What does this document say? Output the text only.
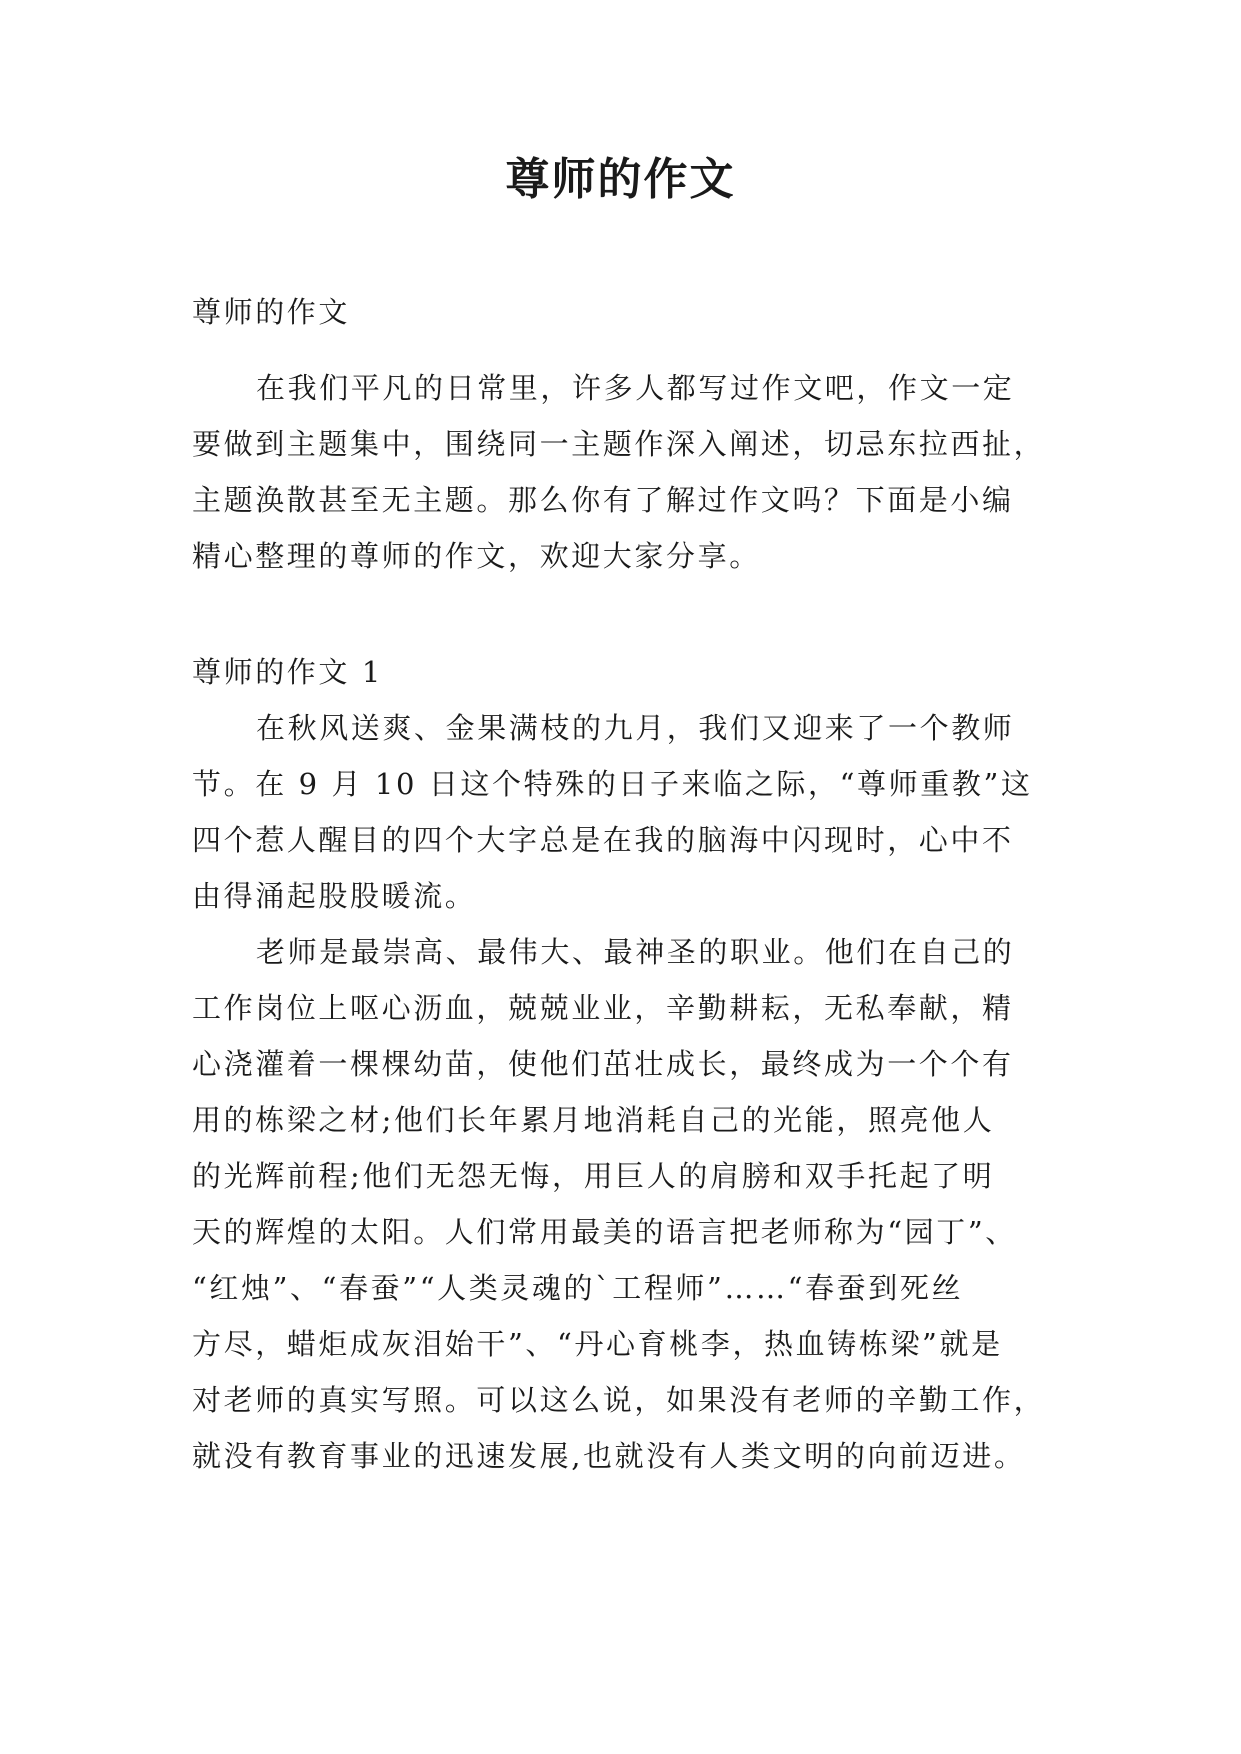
尊师的作文

尊师的作文

在我们平凡的日常里，许多人都写过作文吧，作文一定

要做到主题集中，围绕同一主题作深入阐述，切忌东拉西扯，

主题涣散甚至无主题。那么你有了解过作文吗？下面是小编

精心整理的尊师的作文，欢迎大家分享。

尊师的作文 1

在秋风送爽、金果满枝的九月，我们又迎来了一个教师

节。在 9 月 10 日这个特殊的日子来临之际，“尊师重教”这

四个惹人醒目的四个大字总是在我的脑海中闪现时，心中不

由得涌起股股暖流。

老师是最崇高、最伟大、最神圣的职业。他们在自己的

工作岗位上呕心沥血，兢兢业业，辛勤耕耘，无私奉献，精

心浇灌着一棵棵幼苗，使他们茁壮成长，最终成为一个个有

用的栋梁之材;他们长年累月地消耗自己的光能，照亮他人

的光辉前程;他们无怨无悔，用巨人的肩膀和双手托起了明

天的辉煌的太阳。人们常用最美的语言把老师称为“园丁”、

“红烛”、“春蚕”“人类灵魂的`工程师”……“春蚕到死丝

方尽，蜡炬成灰泪始干”、“丹心育桃李，热血铸栋梁”就是

对老师的真实写照。可以这么说，如果没有老师的辛勤工作，

就没有教育事业的迅速发展,也就没有人类文明的向前迈进。
